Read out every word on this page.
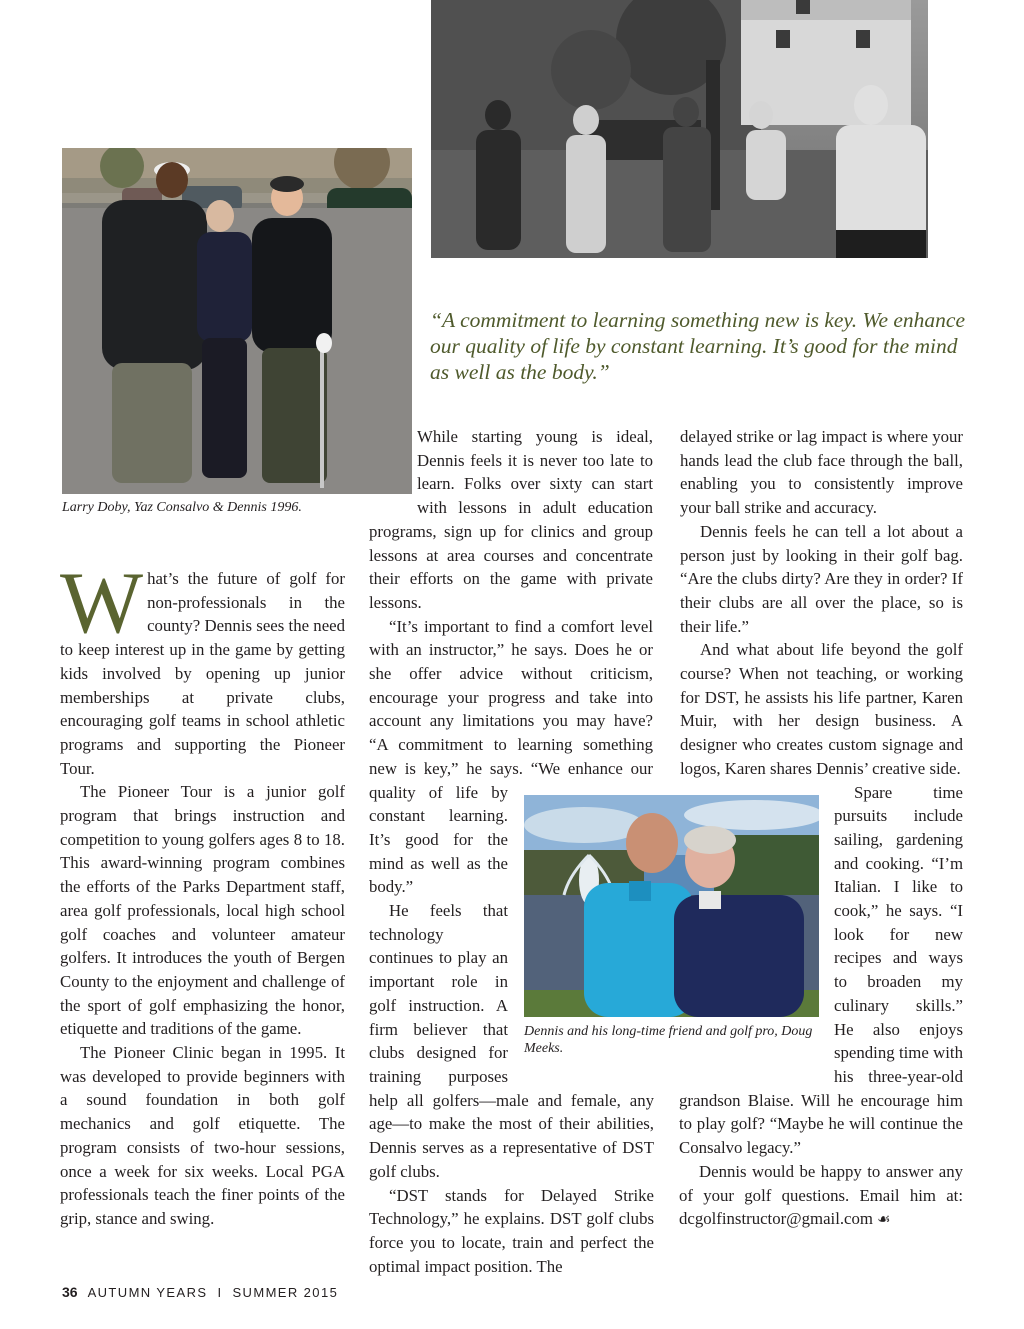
Larry Doby, Yaz Consalvo & Dennis 1996.
“A commitment to learning something new is key. We enhance our quality of life by constant learning. It’s good for the mind as well as the body.”

What’s the future of golf for non-professionals in the county? Dennis sees the need to keep interest up in the game by getting kids involved by opening up junior memberships at private clubs, encouraging golf teams in school athletic programs and supporting the Pioneer Tour.

The Pioneer Tour is a junior golf program that brings instruction and competition to young golfers ages 8 to 18. This award-winning program combines the efforts of the Parks Department staff, area golf professionals, local high school golf coaches and volunteer amateur golfers. It introduces the youth of Bergen County to the enjoyment and challenge of the sport of golf emphasizing the honor, etiquette and traditions of the game.

The Pioneer Clinic began in 1995. It was developed to provide beginners with a sound foundation in both golf mechanics and golf etiquette. The program consists of two-hour sessions, once a week for six weeks. Local PGA professionals teach the finer points of the grip, stance and swing.

While starting young is ideal, Dennis feels it is never too late to learn. Folks over sixty can start with lessons in adult education programs, sign up for clinics and group lessons at area courses and concentrate their efforts on the game with private lessons.

“It’s important to find a comfort level with an instructor,” he says. Does he or she offer advice without criticism, encourage your progress and take into account any limitations you may have? “A commitment to learning something new is key,” he says. “We enhance our quality of life by constant learning. It’s good for the mind as well as the body.”

He feels that technology continues to play an important role in golf instruction. A firm believer that clubs designed for training purposes help all golfers—male and female, any age—to make the most of their abilities, Dennis serves as a representative of DST golf clubs.

“DST stands for Delayed Strike Technology,” he explains. DST golf clubs force you to locate, train and perfect the optimal impact position. The

delayed strike or lag impact is where your hands lead the club face through the ball, enabling you to consistently improve your ball strike and accuracy.

Dennis feels he can tell a lot about a person just by looking in their golf bag. “Are the clubs dirty? Are they in order? If their clubs are all over the place, so is their life.”

And what about life beyond the golf course? When not teaching, or working for DST, he assists his life partner, Karen Muir, with her design business. A designer who creates custom signage and logos, Karen shares Dennis’ creative side.

Spare time pursuits include sailing, gardening and cooking. “I’m Italian. I like to cook,” he says. “I look for new recipes and ways to broaden my culinary skills.” He also enjoys spending time with his three-year-old grandson Blaise. Will he encourage him to play golf? “Maybe he will continue the Consalvo legacy.”

Dennis would be happy to answer any of your golf questions. Email him at: dcgolfinstructor@gmail.com ☙

Dennis and his long-time friend and golf pro, Doug Meeks.
36 AUTUMN YEARS  I  SUMMER 2015
